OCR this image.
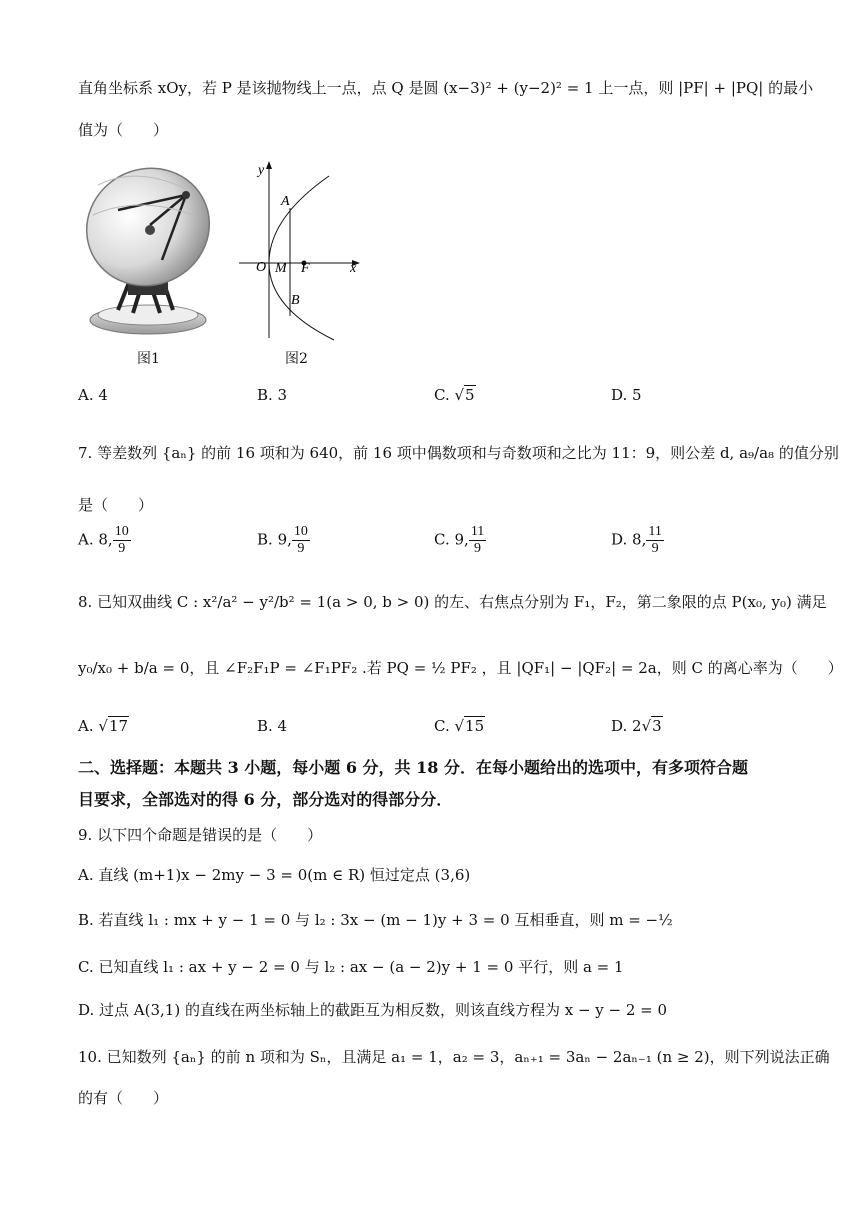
直角坐标系 xOy，若 P 是该抛物线上一点，点 Q 是圆 (x−3)² + (y−2)² = 1 上一点，则 |PF| + |PQ| 的最小
值为（　　）
图1
y
x
O M F
A
B
图2
A. 4	B. 3	C. √5	D. 5
7. 等差数列 {aₙ} 的前 16 项和为 640，前 16 项中偶数项和与奇数项和之比为 11：9，则公差 d, a₉/a₈ 的值分别
是（　　）
A. 8, $\frac{10}{9}$	B. 9, $\frac{10}{9}$	C. 9, $\frac{11}{9}$	D. 8, $\frac{11}{9}$
8. 已知双曲线 C : x²/a² − y²/b² = 1(a > 0, b > 0) 的左、右焦点分别为 F₁，F₂，第二象限的点 P(x₀, y₀) 满足
y₀/x₀ + b/a = 0，且 ∠F₂F₁P = ∠F₁PF₂ .若 PQ = ½ PF₂ ，且 |QF₁| − |QF₂| = 2a，则 C 的离心率为（　　）
A. √17	B. 4	C. √15	D. 2√3
二、选择题：本题共 3 小题，每小题 6 分，共 18 分．在每小题给出的选项中，有多项符合题
目要求，全部选对的得 6 分，部分选对的得部分分．
9. 以下四个命题是错误的是（　　）
A. 直线 (m+1)x − 2my − 3 = 0(m ∈ R) 恒过定点 (3,6)
B. 若直线 l₁ : mx + y − 1 = 0 与 l₂ : 3x − (m − 1)y + 3 = 0 互相垂直，则 m = −½
C. 已知直线 l₁ : ax + y − 2 = 0 与 l₂ : ax − (a − 2)y + 1 = 0 平行，则 a = 1
D. 过点 A(3,1) 的直线在两坐标轴上的截距互为相反数，则该直线方程为 x − y − 2 = 0
10. 已知数列 {aₙ} 的前 n 项和为 Sₙ，且满足 a₁ = 1，a₂ = 3，aₙ₊₁ = 3aₙ − 2aₙ₋₁ (n ≥ 2)，则下列说法正确
的有（　　）
